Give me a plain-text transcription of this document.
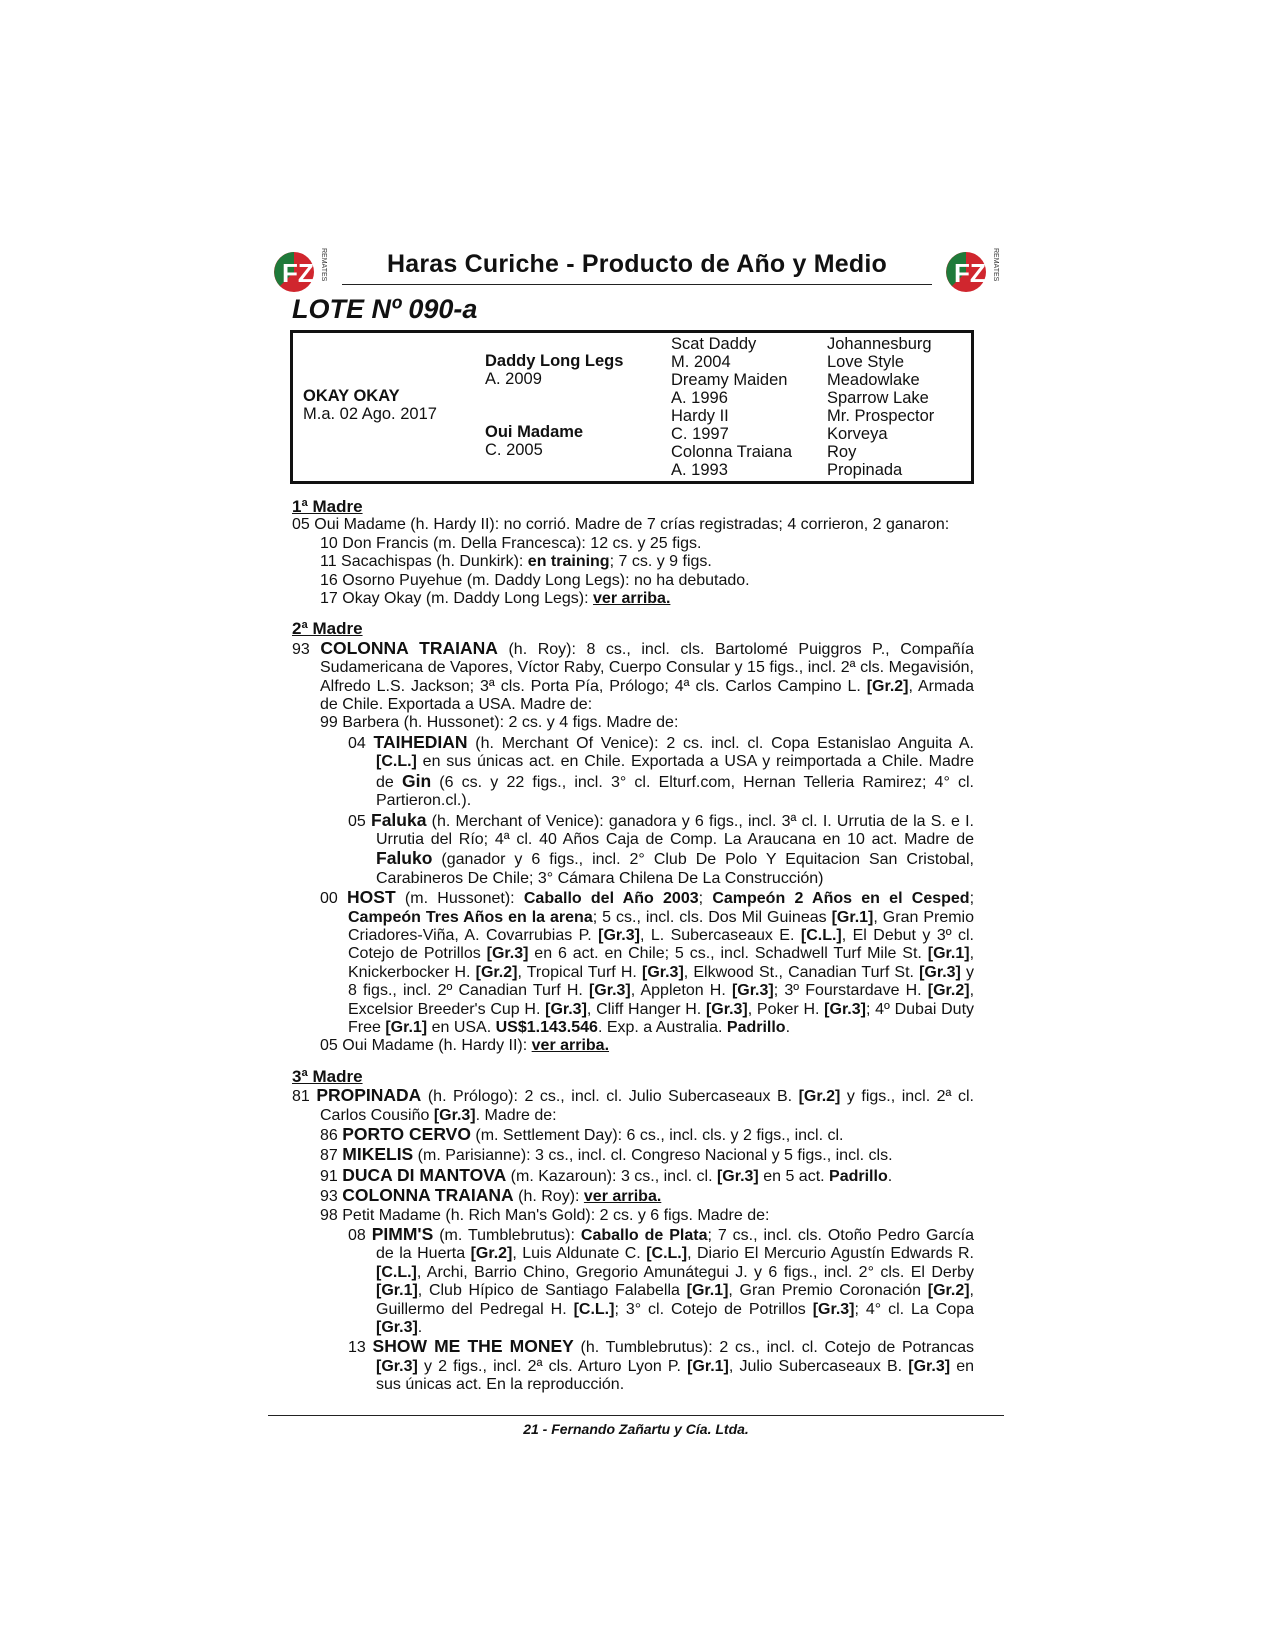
FZ REMATES	Haras Curiche - Producto de Año y Medio	FZ REMATES
LOTE Nº 090-a
OKAY OKAY
M.a. 02 Ago. 2017
Daddy Long Legs
A. 2009
Oui Madame
C. 2005
Scat Daddy
M. 2004
Dreamy Maiden
A. 1996
Hardy II
C. 1997
Colonna Traiana
A. 1993
Johannesburg
Love Style
Meadowlake
Sparrow Lake
Mr. Prospector
Korveya
Roy
Propinada
1ª Madre
05 Oui Madame (h. Hardy II): no corrió. Madre de 7 crías registradas; 4 corrieron, 2 ganaron:
10 Don Francis (m. Della Francesca): 12 cs. y 25 figs.
11 Sacachispas (h. Dunkirk): en training; 7 cs. y 9 figs.
16 Osorno Puyehue (m. Daddy Long Legs): no ha debutado.
17 Okay Okay (m. Daddy Long Legs): ver arriba.
2ª Madre
93 COLONNA TRAIANA (h. Roy): 8 cs., incl. cls. Bartolomé Puiggros P., Compañía Sudamericana de Vapores, Víctor Raby, Cuerpo Consular y 15 figs., incl. 2ª cls. Megavisión, Alfredo L.S. Jackson; 3ª cls. Porta Pía, Prólogo; 4ª cls. Carlos Campino L. [Gr.2], Armada de Chile. Exportada a USA. Madre de:
99 Barbera (h. Hussonet): 2 cs. y 4 figs. Madre de:
04 TAIHEDIAN (h. Merchant Of Venice): 2 cs. incl. cl. Copa Estanislao Anguita A. [C.L.] en sus únicas act. en Chile. Exportada a USA y reimportada a Chile. Madre de Gin (6 cs. y 22 figs., incl. 3° cl. Elturf.com, Hernan Telleria Ramirez; 4° cl. Partieron.cl.).
05 Faluka (h. Merchant of Venice): ganadora y 6 figs., incl. 3ª cl. I. Urrutia de la S. e I. Urrutia del Río; 4ª cl. 40 Años Caja de Comp. La Araucana en 10 act. Madre de Faluko (ganador y 6 figs., incl. 2° Club De Polo Y Equitacion San Cristobal, Carabineros De Chile; 3° Cámara Chilena De La Construcción)
00 HOST (m. Hussonet): Caballo del Año 2003; Campeón 2 Años en el Cesped; Campeón Tres Años en la arena; 5 cs., incl. cls. Dos Mil Guineas [Gr.1], Gran Premio Criadores-Viña, A. Covarrubias P. [Gr.3], L. Subercaseaux E. [C.L.], El Debut y 3º cl. Cotejo de Potrillos [Gr.3] en 6 act. en Chile; 5 cs., incl. Schadwell Turf Mile St. [Gr.1], Knickerbocker H. [Gr.2], Tropical Turf H. [Gr.3], Elkwood St., Canadian Turf St. [Gr.3] y 8 figs., incl. 2º Canadian Turf H. [Gr.3], Appleton H. [Gr.3]; 3º Fourstardave H. [Gr.2], Excelsior Breeder's Cup H. [Gr.3], Cliff Hanger H. [Gr.3], Poker H. [Gr.3]; 4º Dubai Duty Free [Gr.1] en USA. US$1.143.546. Exp. a Australia. Padrillo.
05 Oui Madame (h. Hardy II): ver arriba.
3ª Madre
81 PROPINADA (h. Prólogo): 2 cs., incl. cl. Julio Subercaseaux B. [Gr.2] y figs., incl. 2ª cl. Carlos Cousiño [Gr.3]. Madre de:
86 PORTO CERVO (m. Settlement Day): 6 cs., incl. cls. y 2 figs., incl. cl.
87 MIKELIS (m. Parisianne): 3 cs., incl. cl. Congreso Nacional y 5 figs., incl. cls.
91 DUCA DI MANTOVA (m. Kazaroun): 3 cs., incl. cl. [Gr.3] en 5 act. Padrillo.
93 COLONNA TRAIANA (h. Roy): ver arriba.
98 Petit Madame (h. Rich Man's Gold): 2 cs. y 6 figs. Madre de:
08 PIMM'S (m. Tumblebrutus): Caballo de Plata; 7 cs., incl. cls. Otoño Pedro García de la Huerta [Gr.2], Luis Aldunate C. [C.L.], Diario El Mercurio Agustín Edwards R. [C.L.], Archi, Barrio Chino, Gregorio Amunátegui J. y 6 figs., incl. 2° cls. El Derby [Gr.1], Club Hípico de Santiago Falabella [Gr.1], Gran Premio Coronación [Gr.2], Guillermo del Pedregal H. [C.L.]; 3° cl. Cotejo de Potrillos [Gr.3]; 4° cl. La Copa [Gr.3].
13 SHOW ME THE MONEY (h. Tumblebrutus): 2 cs., incl. cl. Cotejo de Potrancas [Gr.3] y 2 figs., incl. 2ª cls. Arturo Lyon P. [Gr.1], Julio Subercaseaux B. [Gr.3] en sus únicas act. En la reproducción.
21 - Fernando Zañartu y Cía. Ltda.
